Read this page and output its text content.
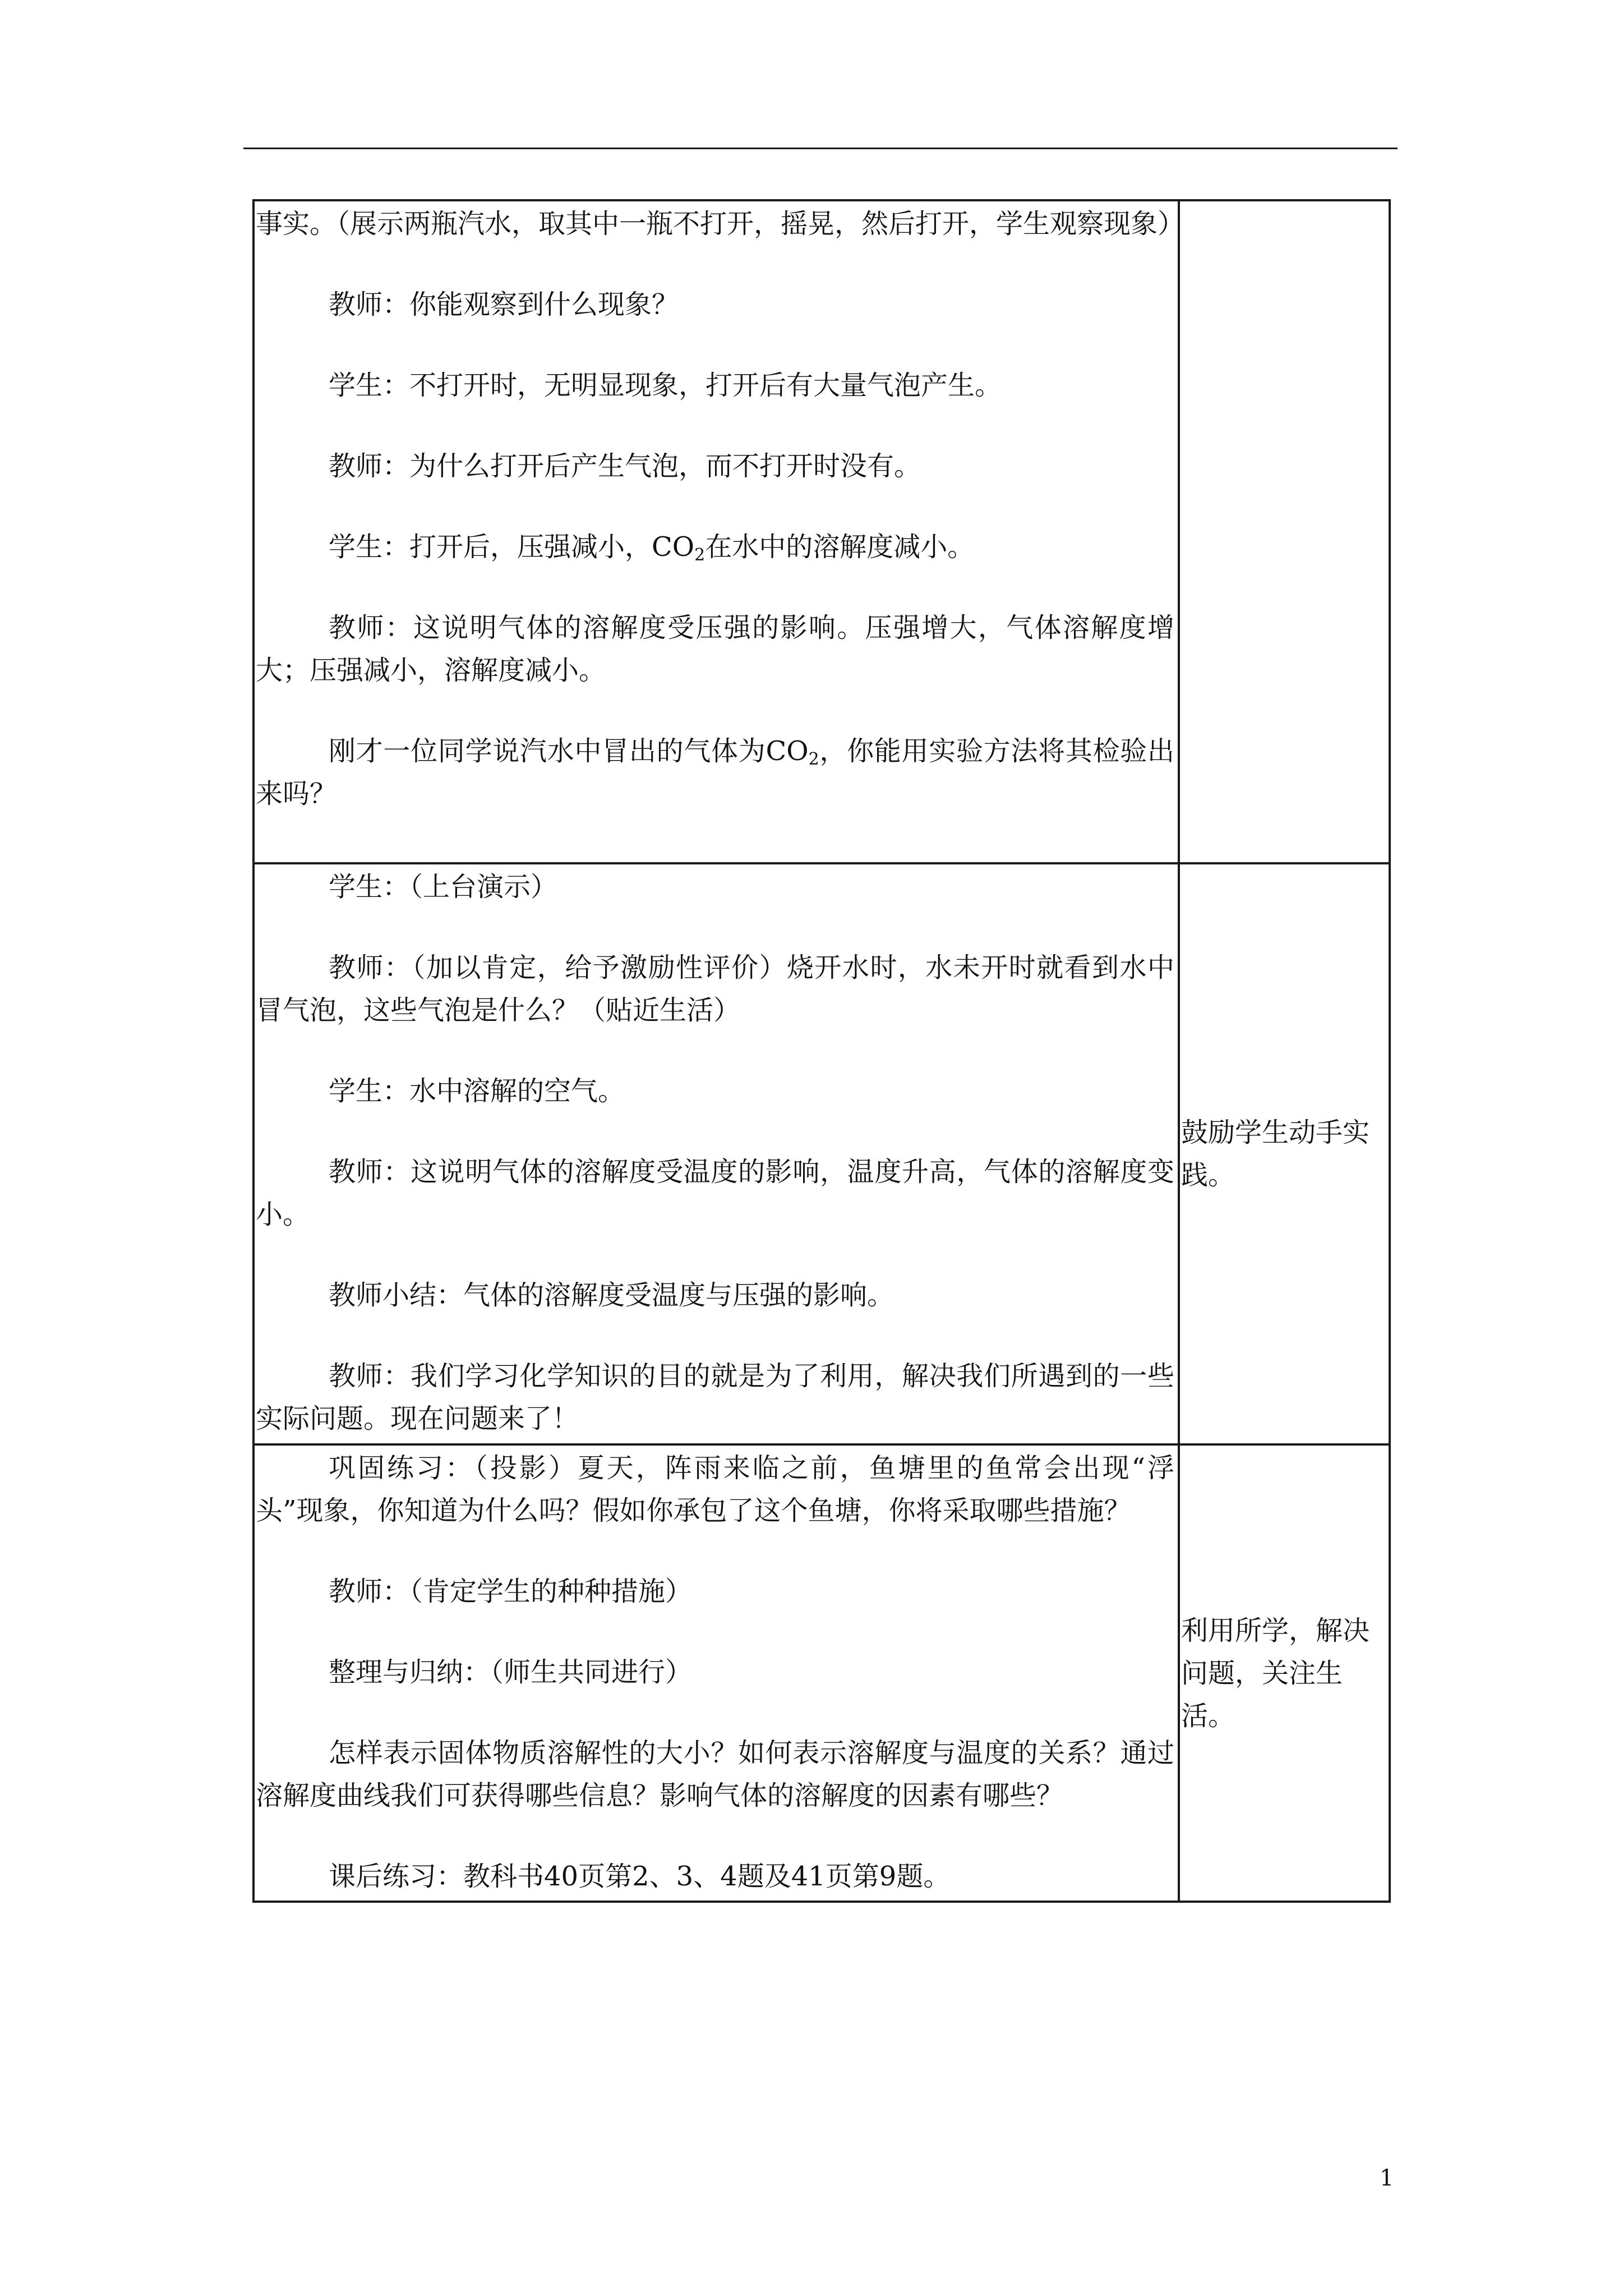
事实。（展示两瓶汽水，取其中一瓶不打开，摇晃，然后打开，学生观察现象）

教师：你能观察到什么现象？

学生：不打开时，无明显现象，打开后有大量气泡产生。

教师：为什么打开后产生气泡，而不打开时没有。

学生：打开后，压强减小，$CO_2$在水中的溶解度减小。

教师：这说明气体的溶解度受压强的影响。压强增大，气体溶解度增大；压强减小，溶解度减小。

刚才一位同学说汽水中冒出的气体为$CO_2$，你能用实验方法将其检验出来吗？

学生：（上台演示）

教师：（加以肯定，给予激励性评价）烧开水时，水未开时就看到水中冒气泡，这些气泡是什么？（贴近生活）

学生：水中溶解的空气。

教师：这说明气体的溶解度受温度的影响，温度升高，气体的溶解度变小。

教师小结：气体的溶解度受温度与压强的影响。

教师：我们学习化学知识的目的就是为了利用，解决我们所遇到的一些实际问题。现在问题来了！

鼓励学生动手实践。

巩固练习：（投影）夏天，阵雨来临之前，鱼塘里的鱼常会出现“浮头”现象，你知道为什么吗？假如你承包了这个鱼塘，你将采取哪些措施？

教师：（肯定学生的种种措施）

整理与归纳：（师生共同进行）

怎样表示固体物质溶解性的大小？如何表示溶解度与温度的关系？通过溶解度曲线我们可获得哪些信息？影响气体的溶解度的因素有哪些？

课后练习：教科书40页第2、3、4题及41页第9题。

利用所学，解决问题，关注生活。

1
